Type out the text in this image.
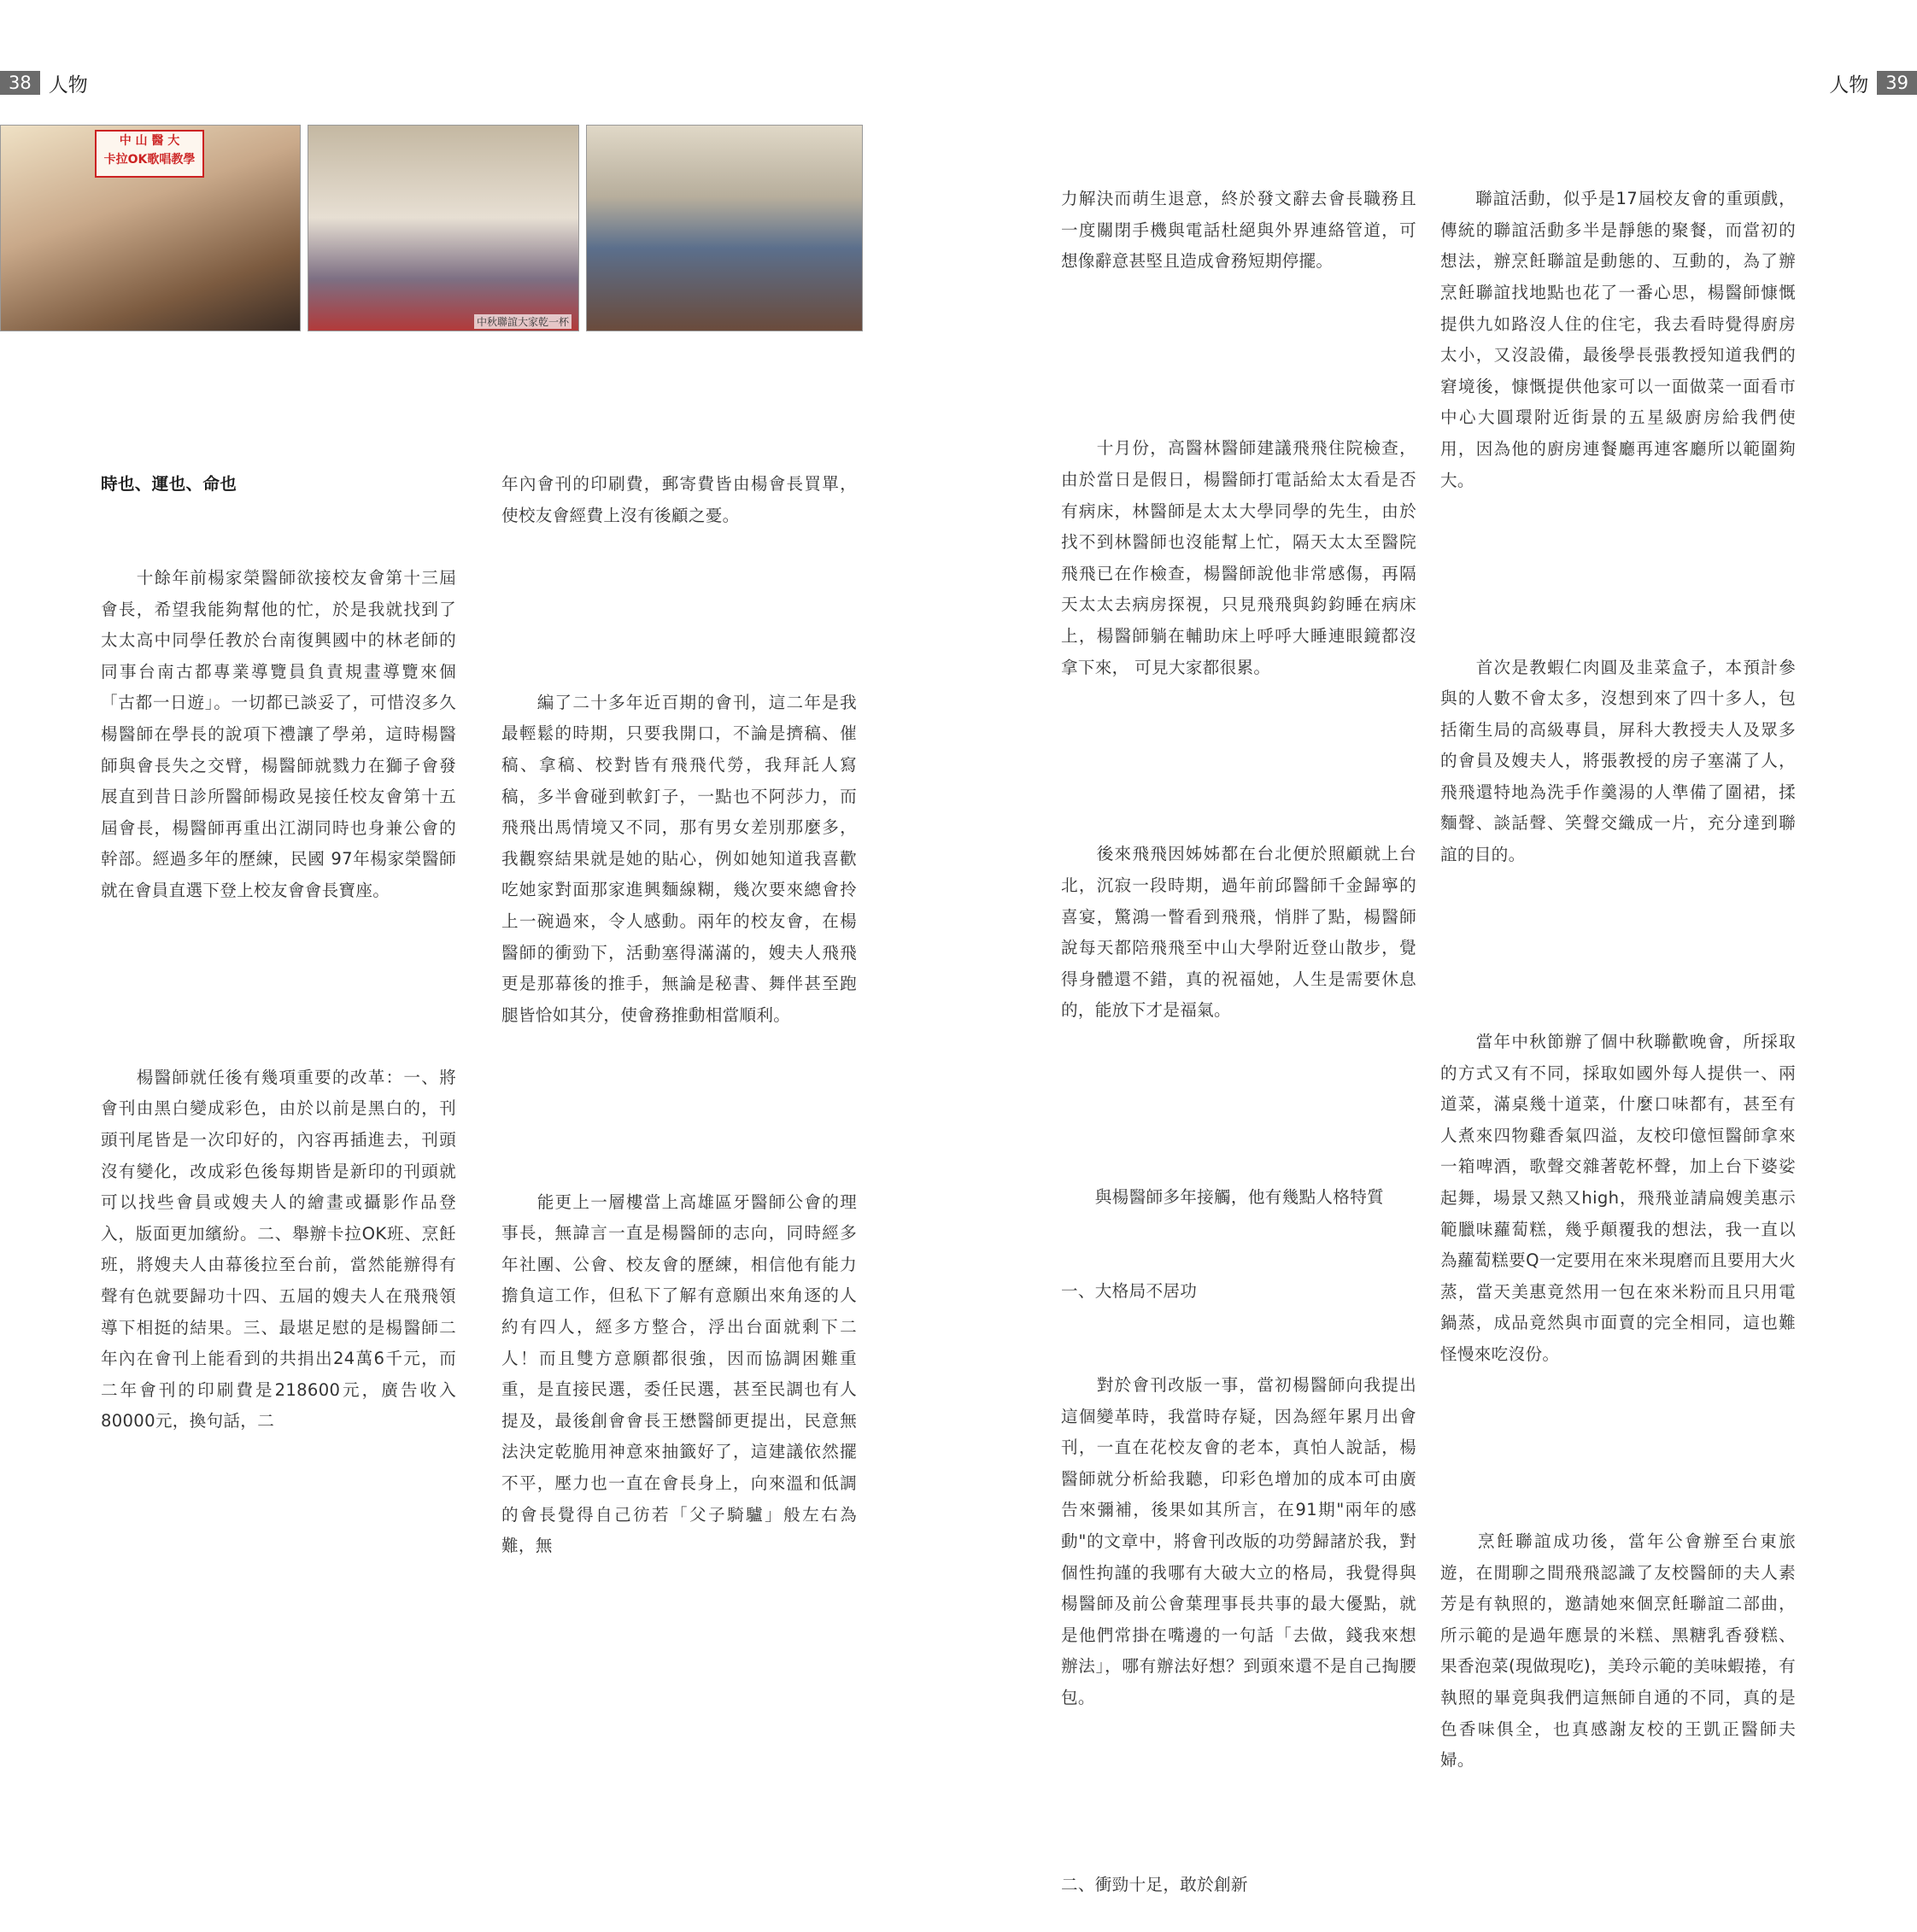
38 人物	人物 39
中 山 醫 大
卡拉OK歌唱教學
中秋聯誼大家乾一杯

時也、運也、命也

　　十餘年前楊家榮醫師欲接校友會第十三屆會長，希望我能夠幫他的忙，於是我就找到了太太高中同學任教於台南復興國中的林老師的同事台南古都專業導覽員負責規畫導覽來個「古都一日遊」。一切都已談妥了，可惜沒多久楊醫師在學長的說項下禮讓了學弟，這時楊醫師與會長失之交臂，楊醫師就戮力在獅子會發展直到昔日診所醫師楊政晃接任校友會第十五屆會長，楊醫師再重出江湖同時也身兼公會的幹部。經過多年的歷練，民國 97年楊家榮醫師就在會員直選下登上校友會會長寶座。

　　楊醫師就任後有幾項重要的改革：一、將會刊由黑白變成彩色，由於以前是黑白的，刊頭刊尾皆是一次印好的，內容再插進去，刊頭沒有變化，改成彩色後每期皆是新印的刊頭就可以找些會員或嫂夫人的繪畫或攝影作品登入，版面更加繽紛。二、舉辦卡拉OK班、烹飪班，將嫂夫人由幕後拉至台前，當然能辦得有聲有色就要歸功十四、五屆的嫂夫人在飛飛領導下相挺的結果。三、最堪足慰的是楊醫師二年內在會刊上能看到的共捐出24萬6千元，而二年會刊的印刷費是218600元，廣告收入80000元，換句話，二

年內會刊的印刷費，郵寄費皆由楊會長買單，使校友會經費上沒有後顧之憂。

　　編了二十多年近百期的會刊，這二年是我最輕鬆的時期，只要我開口，不論是擠稿、催稿、拿稿、校對皆有飛飛代勞，我拜託人寫稿，多半會碰到軟釘子，一點也不阿莎力，而飛飛出馬情境又不同，那有男女差別那麼多，我觀察結果就是她的貼心，例如她知道我喜歡吃她家對面那家進興麵線糊，幾次要來總會拎上一碗過來，令人感動。兩年的校友會，在楊醫師的衝勁下，活動塞得滿滿的，嫂夫人飛飛更是那幕後的推手，無論是秘書、舞伴甚至跑腿皆恰如其分，使會務推動相當順利。

　　能更上一層樓當上高雄區牙醫師公會的理事長，無諱言一直是楊醫師的志向，同時經多年社團、公會、校友會的歷練，相信他有能力擔負這工作，但私下了解有意願出來角逐的人約有四人，經多方整合，浮出台面就剩下二人！而且雙方意願都很強，因而協調困難重重，是直接民選，委任民選，甚至民調也有人提及，最後創會會長王懋醫師更提出，民意無法決定乾脆用神意來抽籤好了，這建議依然擺不平，壓力也一直在會長身上，向來溫和低調的會長覺得自己彷若「父子騎驢」般左右為難，無

力解決而萌生退意，終於發文辭去會長職務且一度關閉手機與電話杜絕與外界連絡管道，可想像辭意甚堅且造成會務短期停擺。

　　十月份，高醫林醫師建議飛飛住院檢查，由於當日是假日，楊醫師打電話給太太看是否有病床，林醫師是太太大學同學的先生，由於找不到林醫師也沒能幫上忙，隔天太太至醫院飛飛已在作檢查，楊醫師說他非常感傷，再隔天太太去病房探視，只見飛飛與鈞鈞睡在病床上，楊醫師躺在輔助床上呼呼大睡連眼鏡都沒拿下來， 可見大家都很累。

　　後來飛飛因姊姊都在台北便於照顧就上台北，沉寂一段時期，過年前邱醫師千金歸寧的喜宴，驚鴻一瞥看到飛飛，悄胖了點，楊醫師說每天都陪飛飛至中山大學附近登山散步，覺得身體還不錯，真的祝福她，人生是需要休息的，能放下才是福氣。

　　與楊醫師多年接觸，他有幾點人格特質

一、大格局不居功

　　對於會刊改版一事，當初楊醫師向我提出這個變革時，我當時存疑，因為經年累月出會刊，一直在花校友會的老本，真怕人說話，楊醫師就分析給我聽，印彩色增加的成本可由廣告來彌補，後果如其所言，在91期"兩年的感動"的文章中，將會刊改版的功勞歸諸於我，對個性拘謹的我哪有大破大立的格局，我覺得與楊醫師及前公會葉理事長共事的最大優點，就是他們常掛在嘴邊的一句話「去做，錢我來想辦法」，哪有辦法好想？到頭來還不是自己掏腰包。

二、衝勁十足，敢於創新

　　聯誼活動，似乎是17屆校友會的重頭戲，傳統的聯誼活動多半是靜態的聚餐，而當初的想法，辦烹飪聯誼是動態的、互動的，為了辦烹飪聯誼找地點也花了一番心思，楊醫師慷慨提供九如路沒人住的住宅，我去看時覺得廚房太小，又沒設備，最後學長張教授知道我們的窘境後，慷慨提供他家可以一面做菜一面看市中心大圓環附近街景的五星級廚房給我們使用，因為他的廚房連餐廳再連客廳所以範圍夠大。

　　首次是教蝦仁肉圓及韭菜盒子，本預計參與的人數不會太多，沒想到來了四十多人，包括衛生局的高級專員，屏科大教授夫人及眾多的會員及嫂夫人，將張教授的房子塞滿了人，飛飛還特地為洗手作羹湯的人準備了圍裙，揉麵聲、談話聲、笑聲交織成一片，充分達到聯誼的目的。

　　當年中秋節辦了個中秋聯歡晚會，所採取的方式又有不同，採取如國外每人提供一、兩道菜，滿桌幾十道菜，什麼口味都有，甚至有人煮來四物雞香氣四溢，友校印億恒醫師拿來一箱啤酒，歌聲交雜著乾杯聲，加上台下婆娑起舞，場景又熱又high，飛飛並請扁嫂美惠示範臘味蘿蔔糕，幾乎顛覆我的想法，我一直以為蘿蔔糕要Q一定要用在來米現磨而且要用大火蒸，當天美惠竟然用一包在來米粉而且只用電鍋蒸，成品竟然與市面賣的完全相同，這也難怪慢來吃沒份。

　　烹飪聯誼成功後，當年公會辦至台東旅遊，在閒聊之間飛飛認識了友校醫師的夫人素芳是有執照的，邀請她來個烹飪聯誼二部曲，所示範的是過年應景的米糕、黑糖乳香發糕、果香泡菜(現做現吃)，美玲示範的美味蝦捲，有執照的畢竟與我們這無師自通的不同，真的是色香味俱全，也真感謝友校的王凱正醫師夫婦。
